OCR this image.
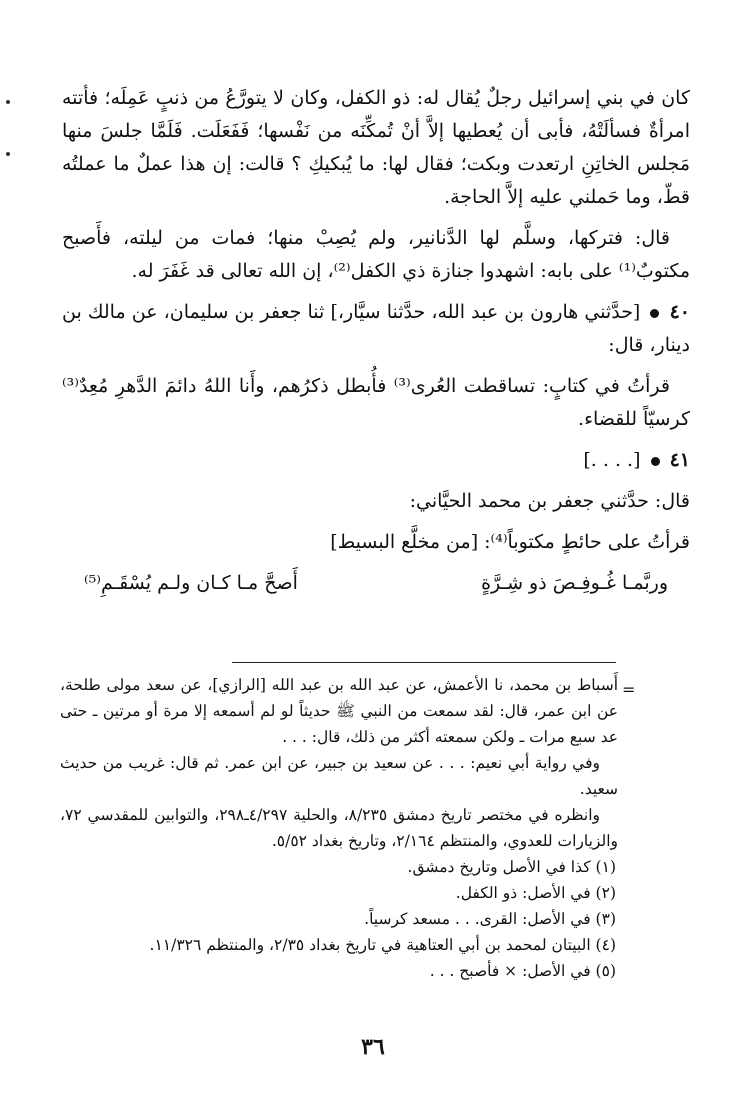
كان في بني إسرائيل رجلٌ يُقال له: ذو الكفل، وكان لا يتورَّعُ من ذنبٍ عَمِلَه؛ فأتته امرأةٌ فسألَتْهُ، فأبى أن يُعطيها إلاَّ أنْ تُمكِّنَه من نَفْسها؛ فَفَعَلَت. فَلَمَّا جلسَ منها مَجلس الخاتِنِ ارتعدت وبكت؛ فقال لها: ما يُبكيكِ ؟ قالت: إن هذا عملٌ ما عملتُه قطّ، وما حَملني عليه إلاَّ الحاجة.

قال: فتركها، وسلَّم لها الدَّنانير، ولم يُصِبْ منها؛ فمات من ليلته، فأَصبح مكتوبٌ⁽¹⁾ على بابه: اشهدوا جنازة ذي الكفل⁽²⁾، إن الله تعالى قد غَفَرَ له.

٤٠  [حدَّثني هارون بن عبد الله، حدَّثنا سيَّار،] ثنا جعفر بن سليمان، عن مالك بن دينار، قال:

قرأتُ في كتابٍ: تساقطت العُرى⁽³⁾ فأُبطل ذكرُهم، وأَنا اللهُ دائمَ الدَّهرِ مُعِدٌ⁽³⁾ كرسيّاً للقضاء.

٤١  [. . . .]

قال: حدَّثني جعفر بن محمد الحيَّاني:

قرأتُ على حائطٍ مكتوباً⁽⁴⁾: [من مخلَّع البسيط]

وربَّمـا غُـوفِـصَ ذو شِـرَّةٍ
أَصحَّ مـا كـان ولـم يُسْقَـمِ⁽⁵⁾
=

أَسباط بن محمد، نا الأعمش، عن عبد الله بن عبد الله [الرازي]، عن سعد مولى طلحة، عن ابن عمر، قال: لقد سمعت من النبي ﷺ حديثاً لو لم أسمعه إلا مرة أو مرتين ـ حتى عد سبع مرات ـ ولكن سمعته أكثر من ذلك، قال: . . .

وفي رواية أبي نعيم: . . . عن سعيد بن جبير، عن ابن عمر. ثم قال: غريب من حديث سعيد.

وانظره في مختصر تاريخ دمشق ٨/٢٣٥، والحلية ٤/٢٩٧ـ٢٩٨، والتوابين للمقدسي ٧٢، والزيارات للعدوي، والمنتظم ٢/١٦٤، وتاريخ بغداد ٥/٥٢.

(١) كذا في الأصل وتاريخ دمشق.

(٢) في الأصل: ذو الكفل.

(٣) في الأصل: القرى. . . مسعد كرسياً.

(٤) البيتان لمحمد بن أبي العتاهية في تاريخ بغداد ٢/٣٥، والمنتظم ١١/٣٢٦.

(٥) في الأصل: × فأصبح . . .

٣٦
